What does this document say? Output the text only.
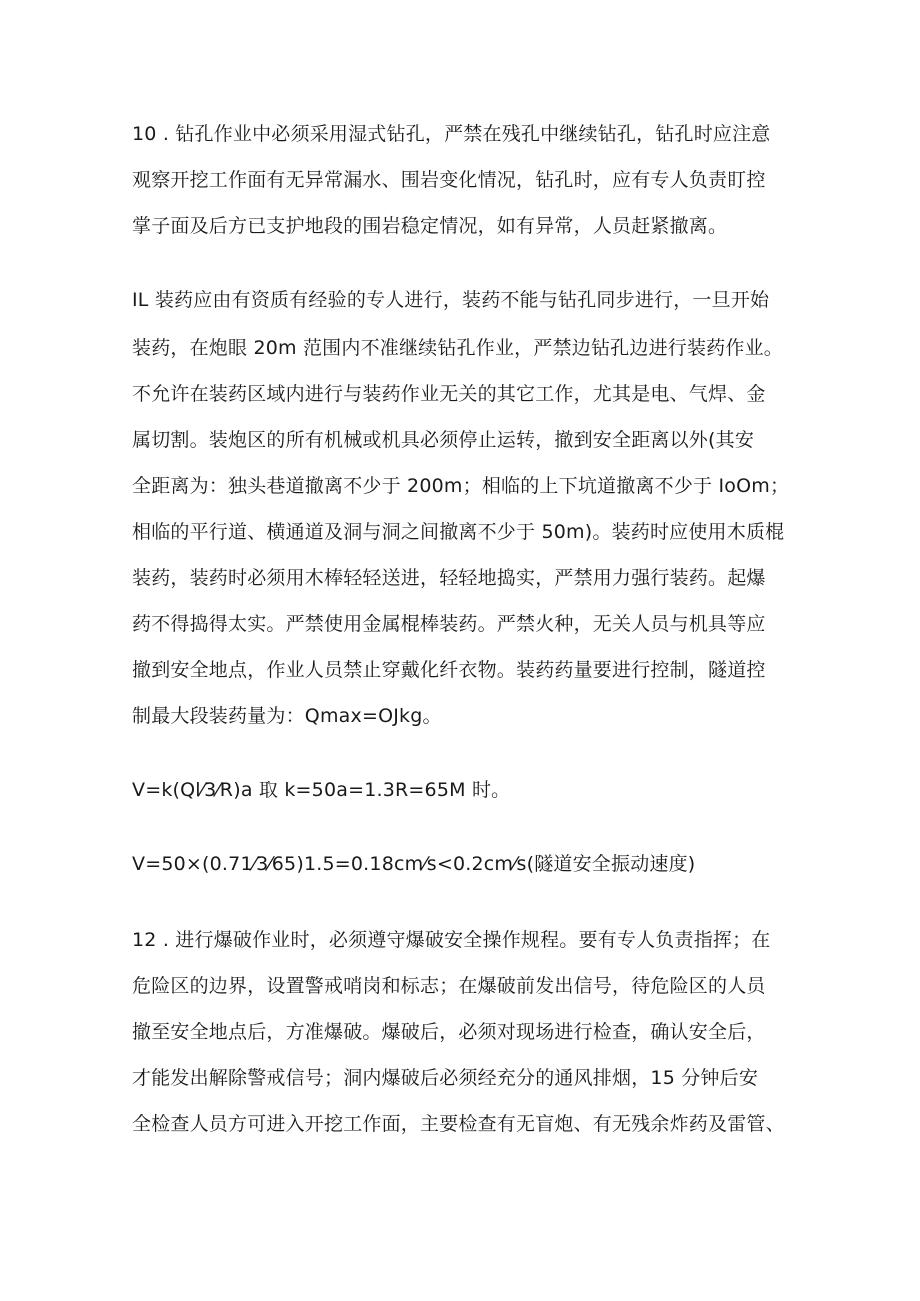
10 . 钻孔作业中必须采用湿式钻孔，严禁在残孔中继续钻孔，钻孔时应注意
观察开挖工作面有无异常漏水、围岩变化情况，钻孔时，应有专人负责盯控
掌子面及后方已支护地段的围岩稳定情况，如有异常，人员赶紧撤离。
IL 装药应由有资质有经验的专人进行，装药不能与钻孔同步进行，一旦开始
装药，在炮眼 20m 范围内不准继续钻孔作业，严禁边钻孔边进行装药作业。
不允许在装药区域内进行与装药作业无关的其它工作，尤其是电、气焊、金
属切割。装炮区的所有机械或机具必须停止运转，撤到安全距离以外(其安
全距离为：独头巷道撤离不少于 200m；相临的上下坑道撤离不少于 IoOm；
相临的平行道、横通道及洞与洞之间撤离不少于 50m)。装药时应使用木质棍
装药，装药时必须用木棒轻轻送进，轻轻地捣实，严禁用力强行装药。起爆
药不得捣得太实。严禁使用金属棍棒装药。严禁火种，无关人员与机具等应
撤到安全地点，作业人员禁止穿戴化纤衣物。装药药量要进行控制，隧道控
制最大段装药量为：Qmax=OJkg。
V=k(Ql⁄3⁄R)a 取 k=50a=1.3R=65M 时。
V=50×(0.71⁄3⁄65)1.5=0.18cm⁄s<0.2cm⁄s(隧道安全振动速度)
12 . 进行爆破作业时，必须遵守爆破安全操作规程。要有专人负责指挥；在
危险区的边界，设置警戒哨岗和标志；在爆破前发出信号，待危险区的人员
撤至安全地点后，方准爆破。爆破后，必须对现场进行检查，确认安全后，
才能发出解除警戒信号；洞内爆破后必须经充分的通风排烟，15 分钟后安
全检查人员方可进入开挖工作面，主要检查有无盲炮、有无残余炸药及雷管、
